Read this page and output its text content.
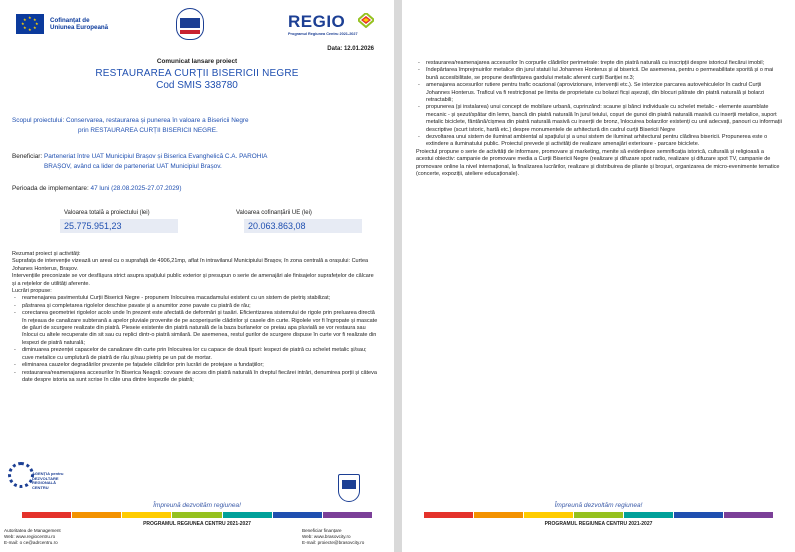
★ ★
★
★
★
★
★
★	Cofinanțat de
Uniunea Europeană	REGIO
Programul Regiunea Centru 2021-2027
Data: 12.01.2026
Comunicat lansare proiect
RESTAURAREA CURȚII BISERICII NEGRE
Cod SMIS 338780
Scopul proiectului: Conservarea, restaurarea și punerea în valoare a Bisericii Negre
prin RESTAURAREA CURȚII BISERICII NEGRE.
Beneficiar: Parteneriat între UAT Municipiul Brașov și Biserica Evanghelică C.A. PAROHIA
BRAȘOV, având ca lider de parteneriat UAT Municipiul Brașov.
Perioada de implementare: 47 luni (28.08.2025-27.07.2029)
Valoarea totală a proiectului (lei)
25.775.951,23
Valoarea cofinanțării UE (lei)
20.063.863,08

Rezumat proiect și activități:

Suprafața de intervenție vizează un areal cu o suprafață de 4906,21mp, aflat în intravilanul Municipiului Brașov, în zona centrală a orașului: Curtea Johanes Honterus, Brașov.

Intervențiile preconizate se vor desfășura strict asupra spațiului public exterior și presupun o serie de amenajări ale finisajelor suprafețelor de călcare și a rețelelor de utilități aferente.

Lucrări propuse:

- reamenajarea pavimentului Curții Bisericii Negre - propunem înlocuirea macadamului existent cu un sistem de pietriș stabilizat;
- păstrarea și completarea rigolelor deschise pavate și a anumitor zone pavate cu piatră de râu;
- corectarea geometriei rigolelor acolo unde în prezent este afectată de deformări și tasări. Eficientizarea sistemului de rigole prin preluarea directă în rețeaua de canalizare subterană a apelor pluviale provenite de pe acoperișurile clădirilor și casele din curte. Rigolele vor fi îngropate și mascate de găuri de scurgere realizate din piatră. Pieseie existente din piatră naturală de la baza burlanelor ce preiau apa pluvială se vor restaura sau înlocui cu altele recuperate din sit sau cu replici dintr-o piatră similară. De asemenea, restul gurilor de scurgere dispuse în curte vor fi realizate din lespezi de piatră naturală;
- diminuarea prezenței capacelor de canalizare din curte prin înlocuirea lor cu capace de două tipuri: lespezi de piatră cu schelet metalic și/sau; cuve metalice cu umplutură de piatră de râu și/sau pietriș pe un pat de mortar.
- eliminarea cauzelor degradărilor prezente pe fațadele clădirilor prin lucrări de protejare a fundațiilor;
- restaurarea/reamenajarea accesurilor în Biserica Neagră: covoare de acces din piatră naturală în dreptul fiecărei intrări, denumirea porții și câteva date despre istoria sa sunt scrise în câte una dintre lespezile de piatră;
AGENȚIA pentru DEZVOLTARE REGIONALĂ CENTRU
Împreună dezvoltăm regiunea!
PROGRAMUL REGIUNEA CENTRU 2021-2027
Autoritatea de Management
Web: www.regiocentru.ro
E-mail: o ce@adrcentru.ro
Beneficiar finanțare
Web: www.brasovcity.ro
E-mail: proiecte@brasovcity.ro
- restaurarea/reamenajarea accesurilor în corpurile clădirilor perimetrale: trepte din piatră naturală cu inscripții despre istoricul fiecărui imobil;
- îndepărtarea împrejmuirilor metalice din jurul statuii lui Johannes Honterus și al bisericii. De asemenea, pentru o permeabilitate sporită și o mai bună accesibilitate, se propune desființarea gardului metalic aferent curții Bariției nr.3;
- amenajarea accesurilor rutiere pentru trafic ocazional (aprovizionare, intervenții etc.). Se interzice parcarea autovehiculelor în cadrul Curții Johannes Honterus. Traficul va fi restricționat pe limita de proprietate cu bolarzi ficși așezați, din blocuri pătrate din piatră naturală și bolarzi retractabili;
- propunerea (și instalarea) unui concept de mobilare urbană, cuprinzând: scaune și bănci individuale cu schelet metalic - elemente asamblate mecanic - și șezut/spătar din lemn, bancă din piatră naturală în jurul teiului, coșuri de gunoi din piatră naturală masivă cu inserții metalice, suport metalic biciclete, fântână/cișmea din piatră naturală masivă cu inserții de bronz, înlocuirea bolarzilor existenți cu unii adecvați, panouri cu informații descriptive (scurt istoric, hartă etc.) despre monumentele de arhitectură din cadrul curții Bisericii Negre
- dezvoltarea unui sistem de iluminat ambiental al spațiului și a unui sistem de iluminat arhitectural pentru clădirea bisericii. Propunerea este o extindere a iluminatului public. Proiectul prevede și activități de realizare amenajări exterioare - parcare biciclete.

Proiectul propune o serie de activități de informare, promovare și marketing, menite să evidențieze semnificația istorică, culturală și religioasă a acestui obiectiv: campanie de promovare media a Curții Bisericii Negre (realizare și difuzare spot radio, realizare și difuzare spot TV, campanie de promovare online la nivel internațional, la finalizarea lucrărilor, realizare și distribuirea de pliante și broșuri, organizarea de micro-evenimente tematice (concerte, expoziții, ateliere educaționale).

Împreună dezvoltăm regiunea!
PROGRAMUL REGIUNEA CENTRU 2021-2027
